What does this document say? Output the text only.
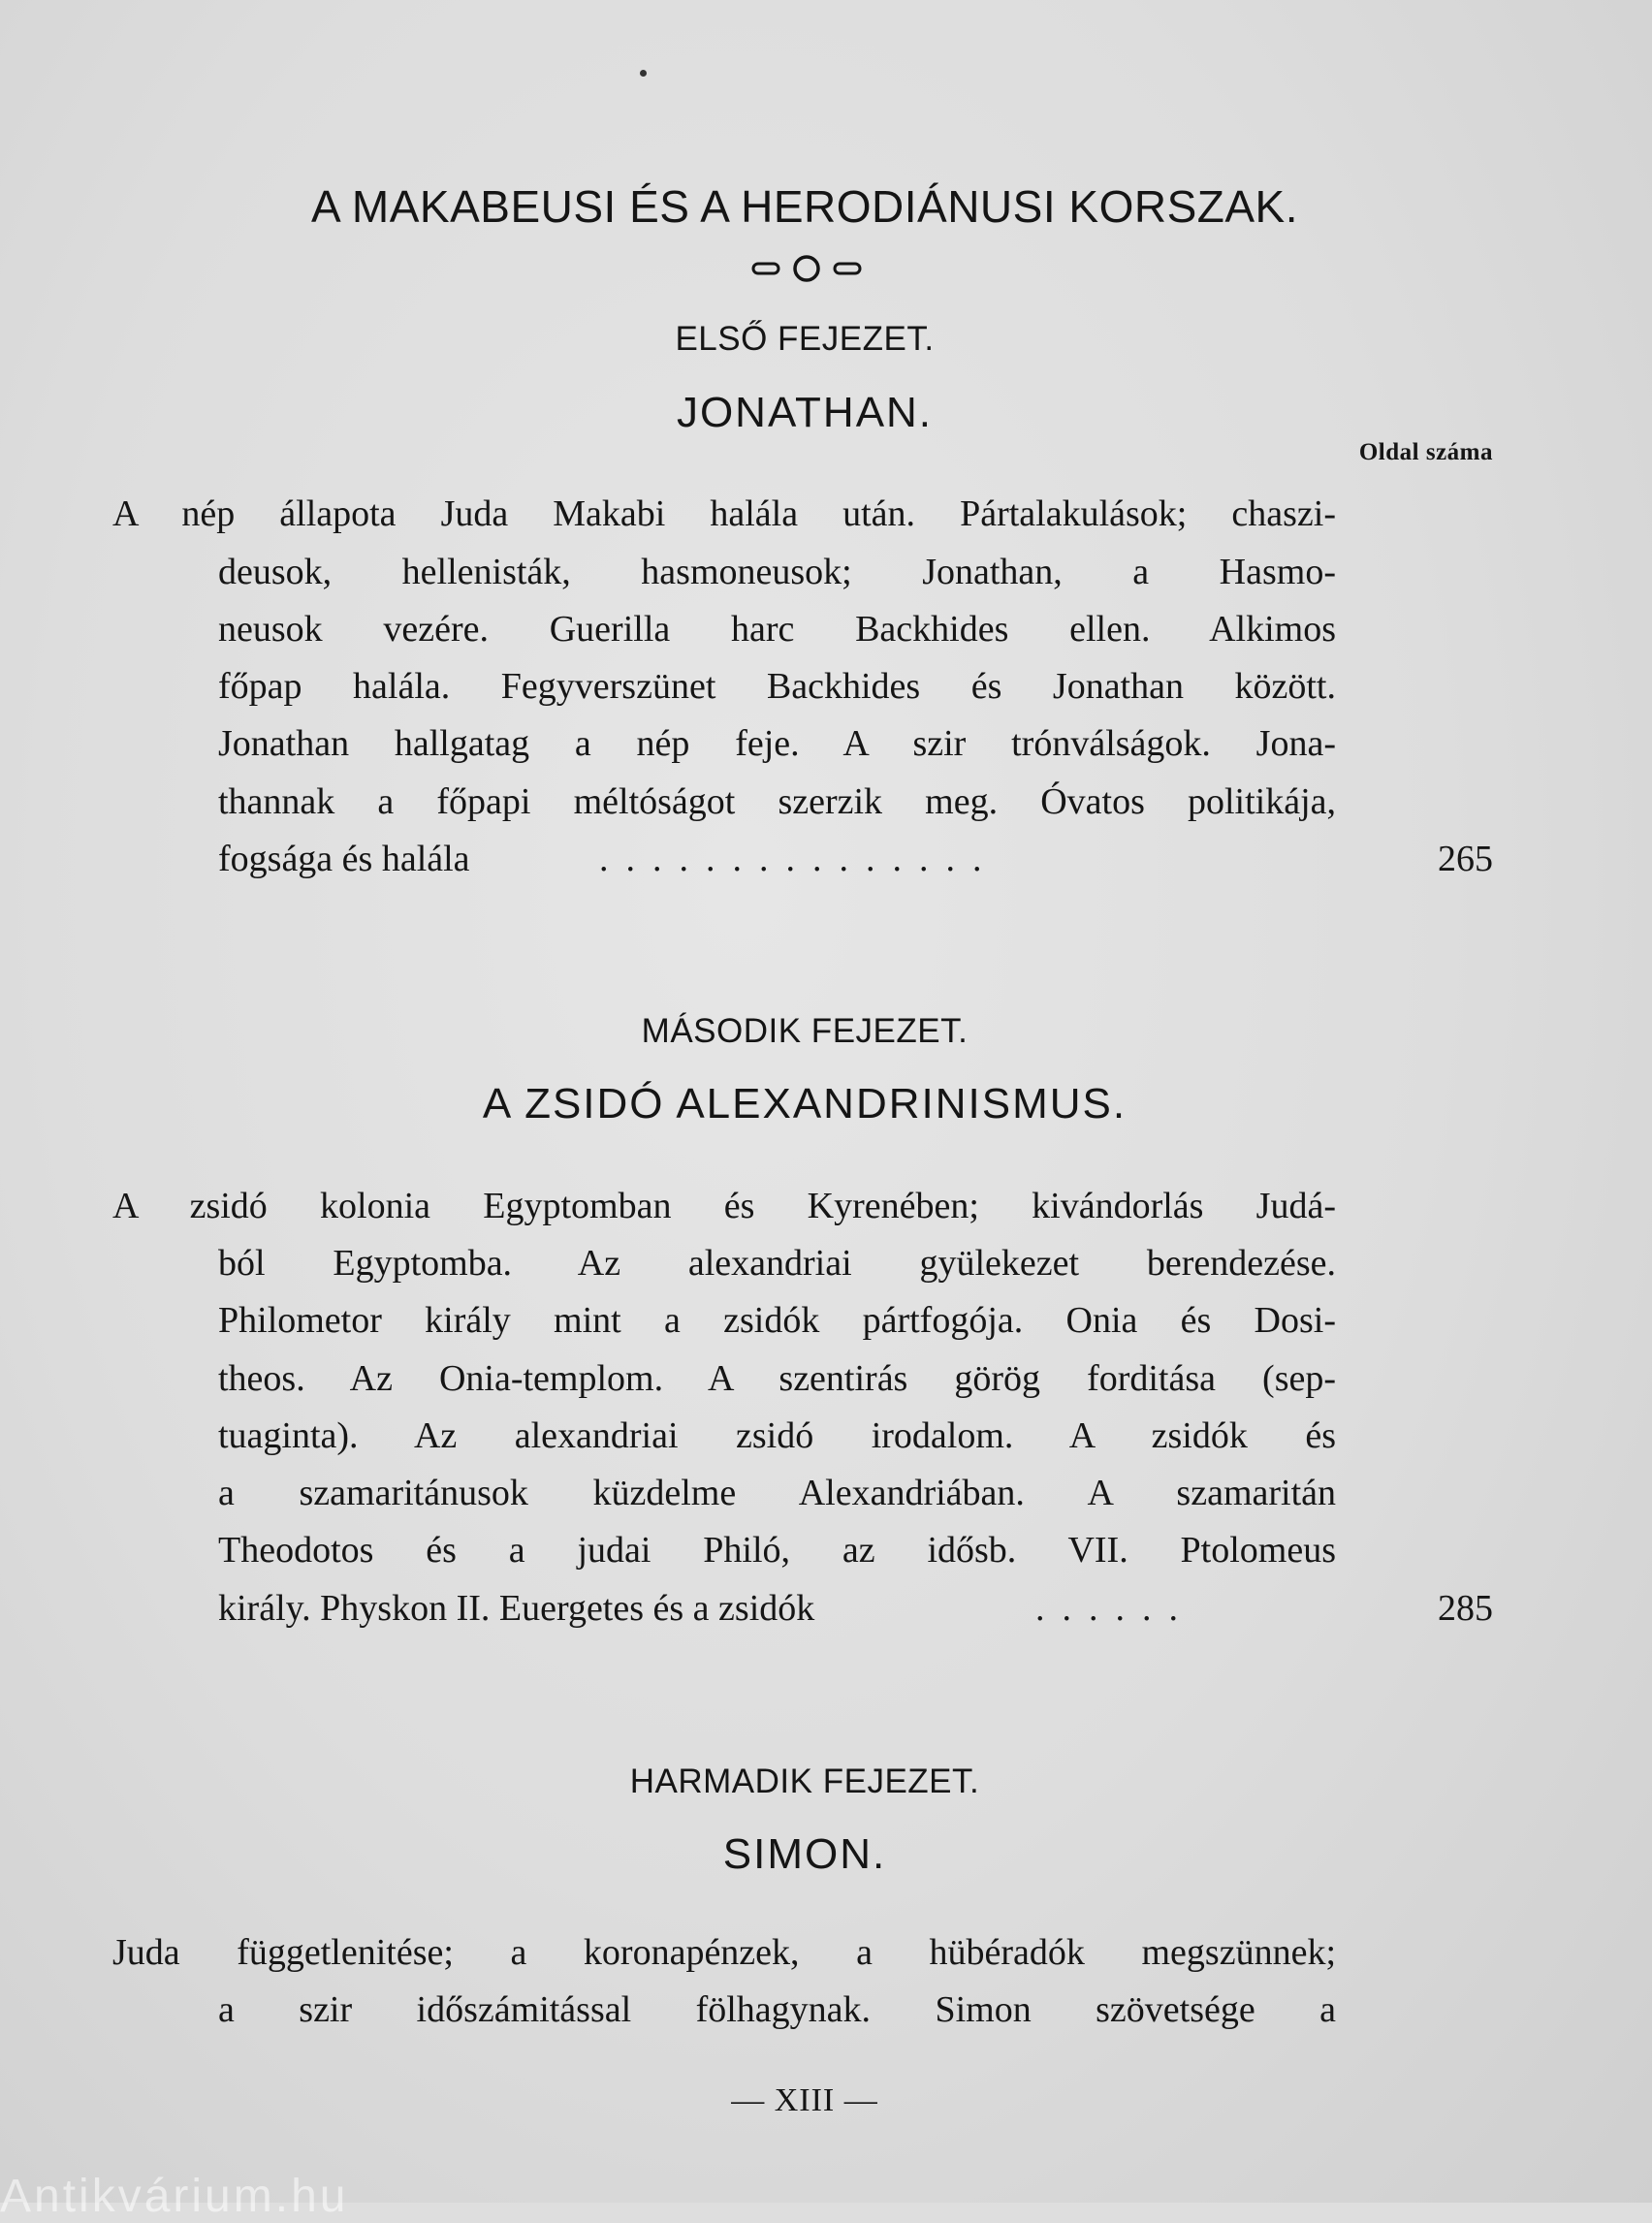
A MAKABEUSI ÉS A HERODIÁNUSI KORSZAK.
ELSŐ FEJEZET.
JONATHAN.
Oldal száma
A nép állapota Juda Makabi halála után. Pártalakulások; chaszi-
deusok, hellenisták, hasmoneusok; Jonathan, a Hasmo-
neusok vezére. Guerilla harc Backhides ellen. Alkimos
főpap halála. Fegyverszünet Backhides és Jonathan között.
Jonathan hallgatag a nép feje. A szir trónválságok. Jona-
thannak a főpapi méltóságot szerzik meg. Óvatos politikája,
fogsága és halála	...............	265
MÁSODIK FEJEZET.
A ZSIDÓ ALEXANDRINISMUS.
A zsidó kolonia Egyptomban és Kyrenében; kivándorlás Judá-
ból Egyptomba. Az alexandriai gyülekezet berendezése.
Philometor király mint a zsidók pártfogója. Onia és Dosi-
theos. Az Onia-templom. A szentirás görög forditása (sep-
tuaginta). Az alexandriai zsidó irodalom. A zsidók és
a szamaritánusok küzdelme Alexandriában. A szamaritán
Theodotos és a judai Philó, az idősb. VII. Ptolomeus
király. Physkon II. Euergetes és a zsidók	......	285
HARMADIK FEJEZET.
SIMON.
Juda függetlenitése; a koronapénzek, a hübéradók megszünnek;
a szir időszámitással fölhagynak. Simon szövetsége a
— XIII —
Antikvárium.hu
